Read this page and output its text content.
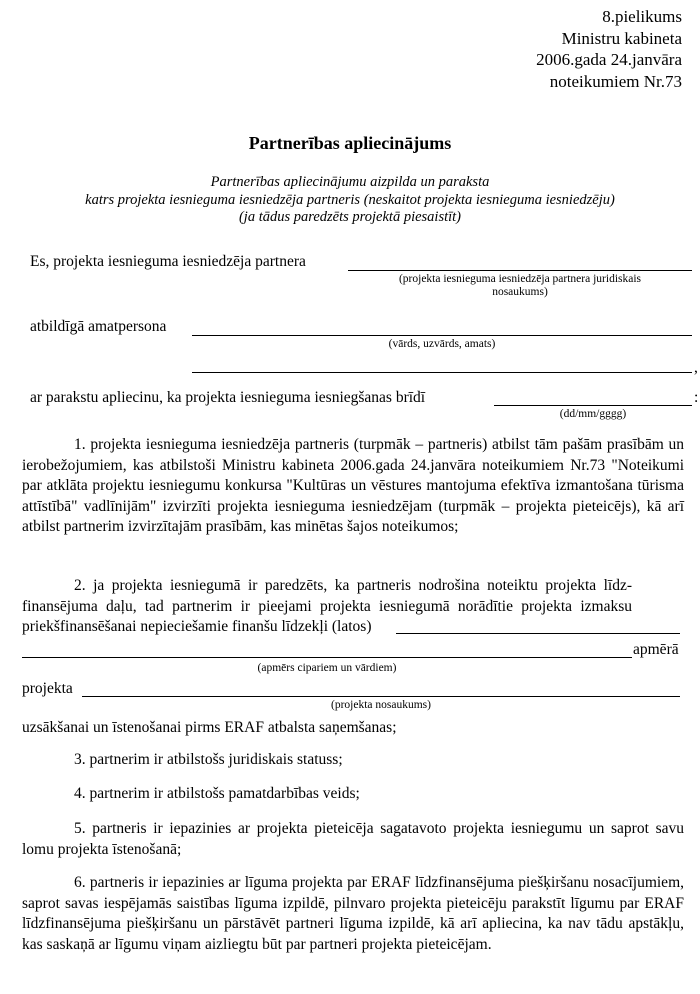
8.pielikums
Ministru kabineta
2006.gada 24.janvāra
noteikumiem Nr.73
Partnerības apliecinājums
Partnerības apliecinājumu aizpilda un paraksta
katrs projekta iesnieguma iesniedzēja partneris (neskaitot projekta iesnieguma iesniedzēju)
(ja tādus paredzēts projektā piesaistīt)
Es, projekta iesnieguma iesniedzēja partnera
(projekta iesnieguma iesniedzēja partnera juridiskais
nosaukums)
atbildīgā amatpersona
(vārds, uzvārds, amats)
,
ar parakstu apliecinu, ka projekta iesnieguma iesniegšanas brīdī	:
(dd/mm/gggg)
1. projekta iesnieguma iesniedzēja partneris (turpmāk – partneris) atbilst tām pašām prasībām un ierobežojumiem, kas atbilstoši Ministru kabineta 2006.gada 24.janvāra noteikumiem Nr.73 "Noteikumi par atklāta projektu iesniegumu konkursa "Kultūras un vēstures mantojuma efektīva izmantošana tūrisma attīstībā" vadlīnijām" izvirzīti projekta iesnieguma iesniedzējam (turpmāk – projekta pieteicējs), kā arī atbilst partnerim izvirzītajām prasībām, kas minētas šajos noteikumos;
2. ja projekta iesniegumā ir paredzēts, ka partneris nodrošina noteiktu projekta līdz-finansējuma daļu, tad partnerim ir pieejami projekta iesniegumā norādītie projekta izmaksu priekšfinansēšanai nepieciešamie finanšu līdzekļi (latos)
apmērā
(apmērs cipariem un vārdiem)
projekta
(projekta nosaukums)
uzsākšanai un īstenošanai pirms ERAF atbalsta saņemšanas;
3. partnerim ir atbilstošs juridiskais statuss;
4. partnerim ir atbilstošs pamatdarbības veids;
5. partneris ir iepazinies ar projekta pieteicēja sagatavoto projekta iesniegumu un saprot savu lomu projekta īstenošanā;
6. partneris ir iepazinies ar līguma projekta par ERAF līdzfinansējuma piešķiršanu nosacījumiem, saprot savas iespējamās saistības līguma izpildē, pilnvaro projekta pieteicēju parakstīt līgumu par ERAF līdzfinansējuma piešķiršanu un pārstāvēt partneri līguma izpildē, kā arī apliecina, ka nav tādu apstākļu, kas saskaņā ar līgumu viņam aizliegtu būt par partneri projekta pieteicējam.
